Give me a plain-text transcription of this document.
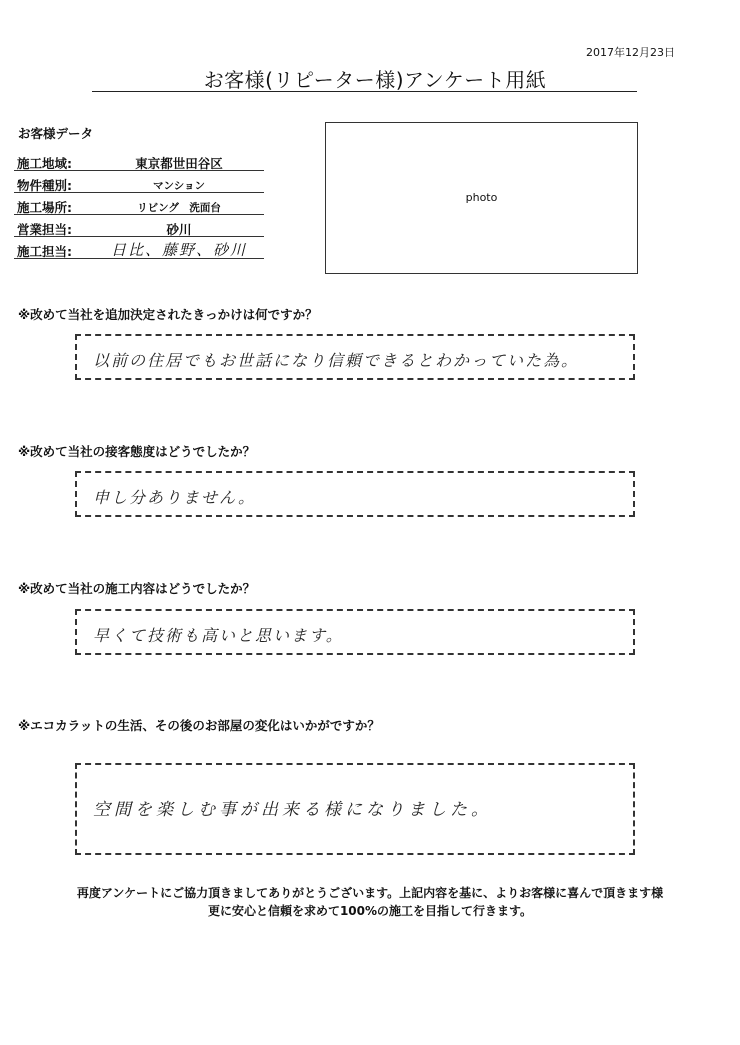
2017年12月23日
お客様(リピーター様)アンケート用紙
お客様データ
施工地域:	東京都世田谷区
物件種別:	マンション
施工場所:	リビング　洗面台
営業担当:	砂川
施工担当:	日比、藤野、砂川
photo
※改めて当社を追加決定されたきっかけは何ですか？
以前の住居でもお世話になり信頼できるとわかっていた為。
※改めて当社の接客態度はどうでしたか？
申し分ありません。
※改めて当社の施工内容はどうでしたか？
早くて技術も高いと思います。
※エコカラットの生活、その後のお部屋の変化はいかがですか？
空間を楽しむ事が出来る様になりました。
再度アンケートにご協力頂きましてありがとうございます。上記内容を基に、よりお客様に喜んで頂きます様
更に安心と信頼を求めて100%の施工を目指して行きます。
